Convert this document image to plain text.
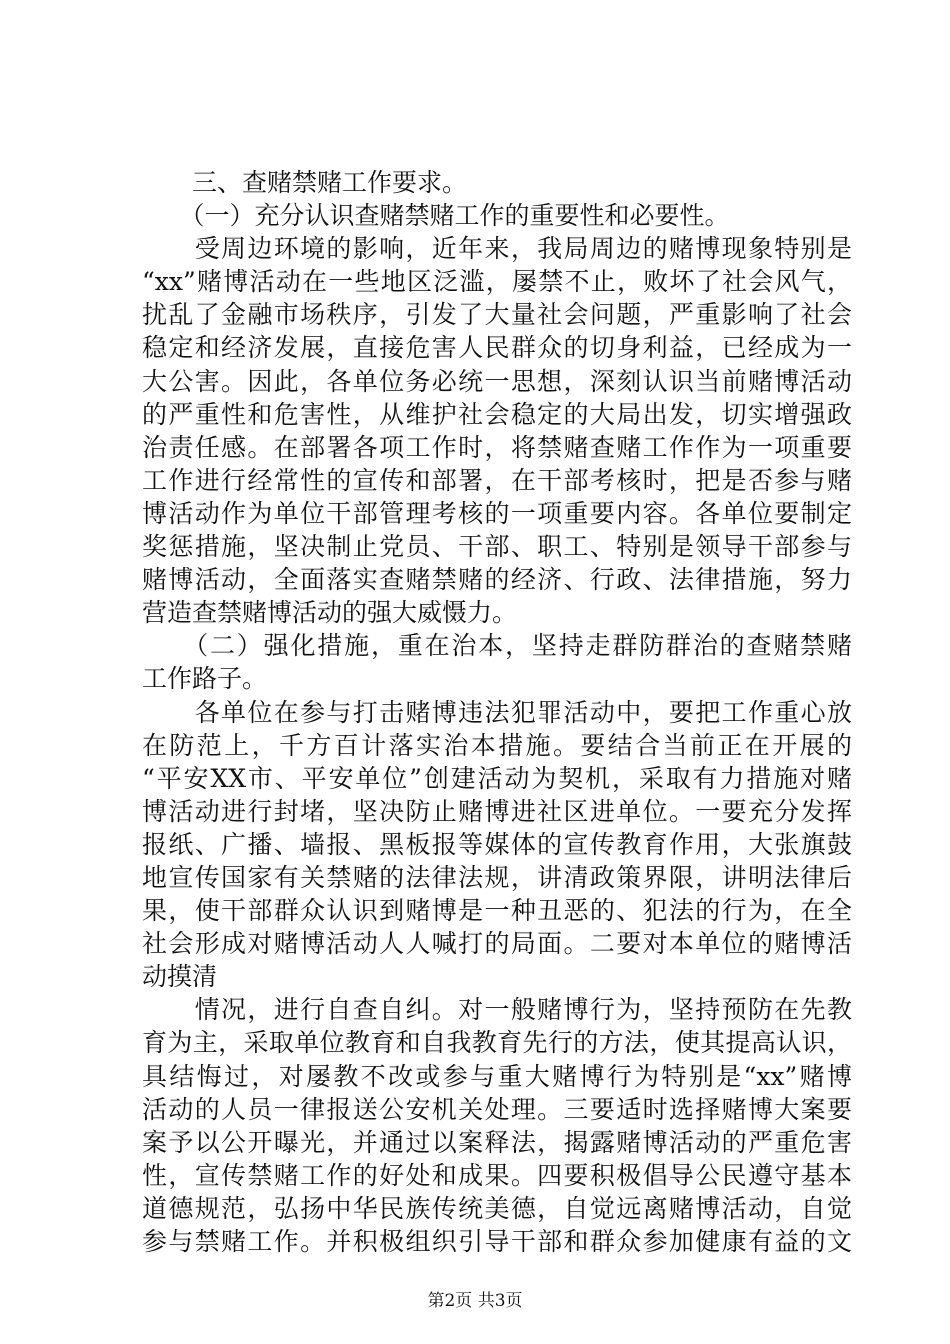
　　三、查赌禁赌工作要求。
　　（一）充分认识查赌禁赌工作的重要性和必要性。
　　受周边环境的影响，近年来，我局周边的赌博现象特别是
“xx”赌博活动在一些地区泛滥，屡禁不止，败坏了社会风气，
扰乱了金融市场秩序，引发了大量社会问题，严重影响了社会
稳定和经济发展，直接危害人民群众的切身利益，已经成为一
大公害。因此，各单位务必统一思想，深刻认识当前赌博活动
的严重性和危害性，从维护社会稳定的大局出发，切实增强政
治责任感。在部署各项工作时，将禁赌查赌工作作为一项重要
工作进行经常性的宣传和部署，在干部考核时，把是否参与赌
博活动作为单位干部管理考核的一项重要内容。各单位要制定
奖惩措施，坚决制止党员、干部、职工、特别是领导干部参与
赌博活动，全面落实查赌禁赌的经济、行政、法律措施，努力
营造查禁赌博活动的强大威慑力。
　　（二）强化措施，重在治本，坚持走群防群治的查赌禁赌
工作路子。
　　各单位在参与打击赌博违法犯罪活动中，要把工作重心放
在防范上，千方百计落实治本措施。要结合当前正在开展的
“平安XX市、平安单位”创建活动为契机，采取有力措施对赌
博活动进行封堵，坚决防止赌博进社区进单位。一要充分发挥
报纸、广播、墙报、黑板报等媒体的宣传教育作用，大张旗鼓
地宣传国家有关禁赌的法律法规，讲清政策界限，讲明法律后
果，使干部群众认识到赌博是一种丑恶的、犯法的行为，在全
社会形成对赌博活动人人喊打的局面。二要对本单位的赌博活
动摸清
　　情况，进行自查自纠。对一般赌博行为，坚持预防在先教
育为主，采取单位教育和自我教育先行的方法，使其提高认识，
具结悔过，对屡教不改或参与重大赌博行为特别是“xx”赌博
活动的人员一律报送公安机关处理。三要适时选择赌博大案要
案予以公开曝光，并通过以案释法，揭露赌博活动的严重危害
性，宣传禁赌工作的好处和成果。四要积极倡导公民遵守基本
道德规范，弘扬中华民族传统美德，自觉远离赌博活动，自觉
参与禁赌工作。并积极组织引导干部和群众参加健康有益的文
第2页 共3页
